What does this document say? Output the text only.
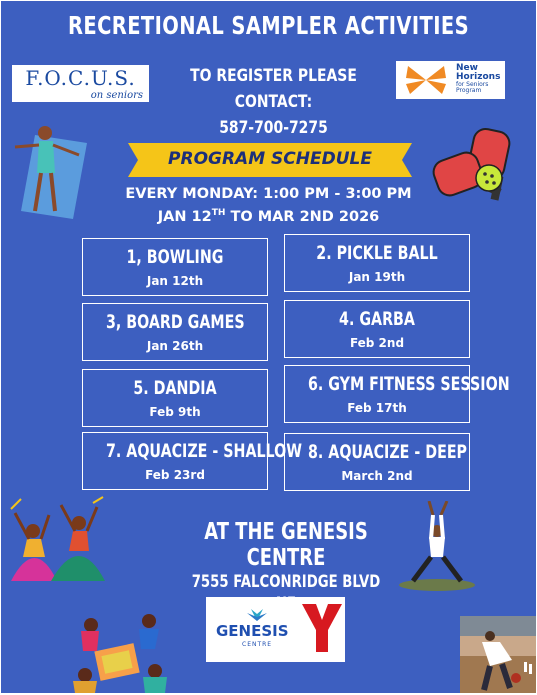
RECRETIONAL SAMPLER ACTIVITIES
F.O.C.U.S.
on seniors
TO REGISTER PLEASE CONTACT:
587-700-7275
New
Horizons
for Seniors
Program
PROGRAM SCHEDULE
EVERY MONDAY: 1:00 PM - 3:00 PM
JAN 12TH TO MAR 2ND 2026
1, BOWLING
Jan 12th
2. PICKLE BALL
Jan 19th
3, BOARD GAMES
Jan 26th
4. GARBA
Feb 2nd
5. DANDIA
Feb 9th
6. GYM FITNESS SESSION
Feb 17th
7. AQUACIZE - SHALLOW
Feb 23rd
8. AQUACIZE - DEEP
March 2nd
AT THE GENESIS CENTRE
7555 FALCONRIDGE BLVD
GENESIS
CENTRE
